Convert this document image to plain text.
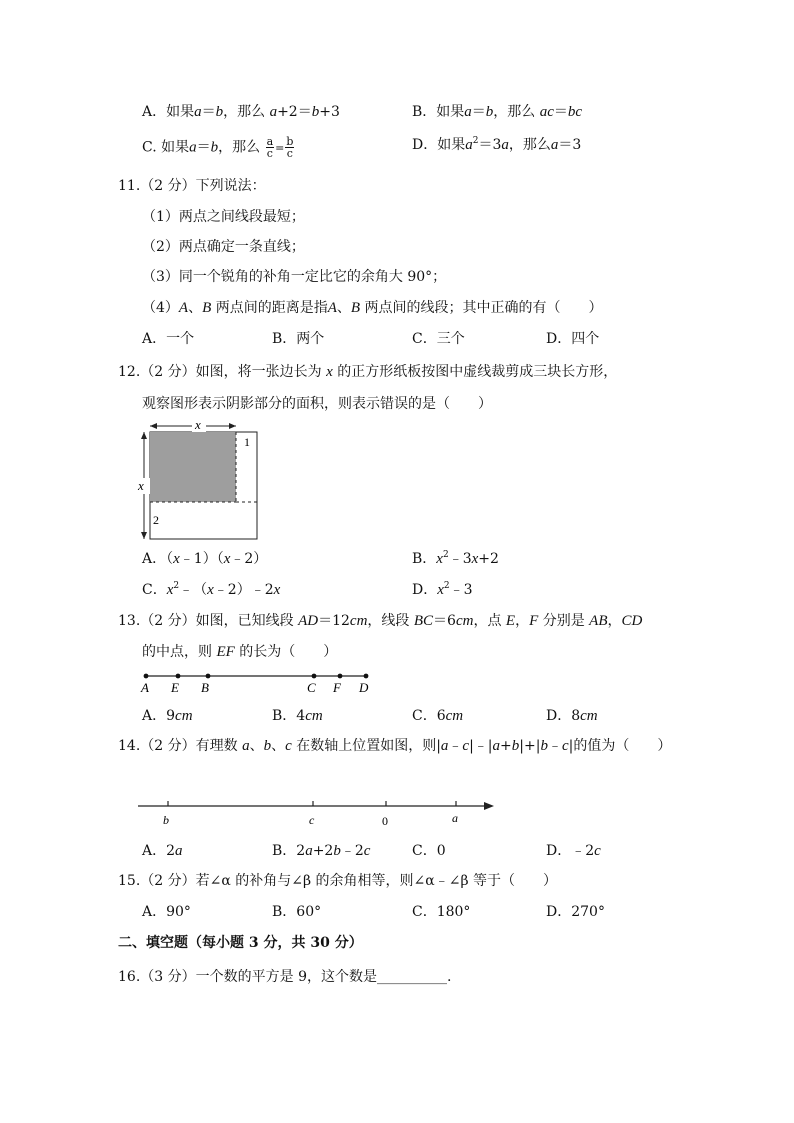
A．如果a＝b，那么 a+2＝b+3	B．如果a＝b，那么 ac＝bc
C. 如果a＝b，那么 $\frac{a}{c} = \frac{b}{c}$	D．如果$a^2=3a$，那么a＝3
11.（2 分）下列说法：
（1）两点之间线段最短；
（2）两点确定一条直线；
（3）同一个锐角的补角一定比它的余角大 90°；
（4）A、B 两点间的距离是指A、B 两点间的线段；其中正确的有（　　）
A．一个	B．两个	C．三个	D．四个
12.（2 分）如图，将一张边长为 x 的正方形纸板按图中虚线裁剪成三块长方形，
观察图形表示阴影部分的面积，则表示错误的是（　　）
x
x
1
2
A．（x﹣1）（x﹣2）	B．$x^2﹣3x+2$
C．$x^2﹣(x﹣2)﹣2x$	D．$x^2﹣3$
13.（2 分）如图，已知线段 AD＝12cm，线段 BC＝6cm，点 E，F 分别是 AB，CD
的中点，则 EF 的长为（　　）
A E B	C F D
A．9cm	B．4cm	C．6cm	D．8cm
14.（2 分）有理数 a、b、c 在数轴上位置如图，则|a﹣c|﹣|a+b|+|b﹣c|的值为（　　）
b	c	0	a
A．2a	B．2a+2b﹣2c	C．0	D．﹣2c
15.（2 分）若∠α 的补角与∠β 的余角相等，则∠α﹣∠β 等于（　　）
A．90°	B．60°	C．180°	D．270°
二、填空题（每小题 3 分，共 30 分）
16.（3 分）一个数的平方是 9，这个数是__________.
